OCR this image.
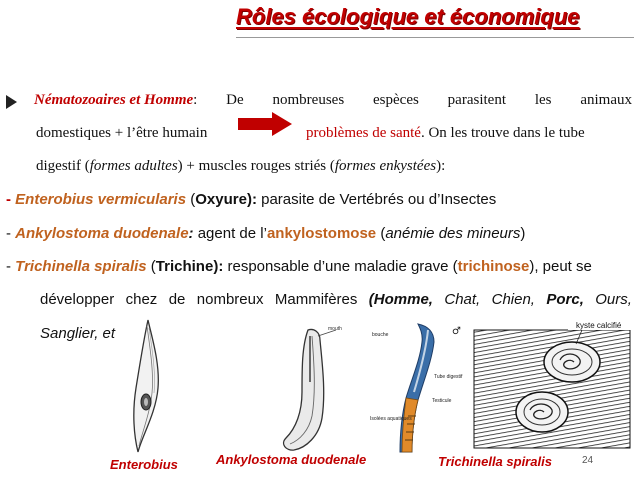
Rôles écologique et économique
Nématozoaires et Homme: De nombreuses espèces parasitent les animaux
domestiques + l’être humain	problèmes de santé. On les trouve dans le tube
digestif (formes adultes) + muscles rouges striés (formes enkystées):
- Enterobius vermicularis (Oxyure): parasite de Vertébrés ou d’Insectes
- Ankylostoma duodenale: agent de l’ankylostomose (anémie des mineurs)
- Trichinella spiralis (Trichine): responsable d’une maladie grave (trichinose), peut se
développer chez de nombreux Mammifères (Homme, Chat, Chien, Porc, Ours,
Sanglier, et	mouth
bouche
Tube digestif
Testicule
Isolées aquatiques
♂
kyste calcifié
Enterobius	Ankylostoma duodenale	Trichinella spiralis	24
